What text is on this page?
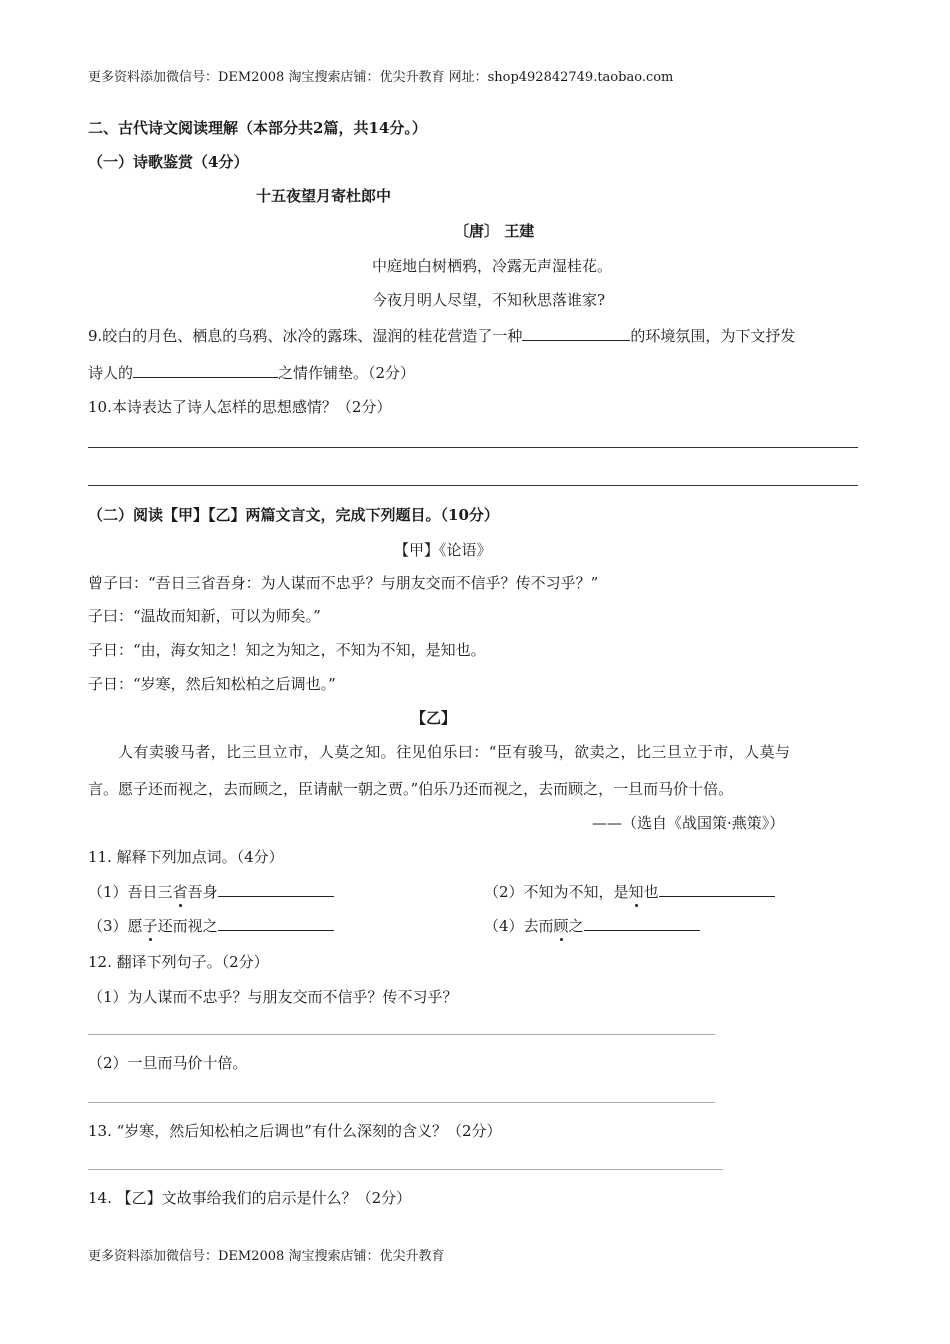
更多资料添加微信号：DEM2008 淘宝搜索店铺：优尖升教育 网址：shop492842749.taobao.com
二、古代诗文阅读理解（本部分共2篇，共14分。）
（一）诗歌鉴赏（4分）
十五夜望月寄杜郎中
〔唐〕 王建
中庭地白树栖鸦，冷露无声湿桂花。
今夜月明人尽望，不知秋思落谁家?
9.皎白的月色、栖息的乌鸦、冰冷的露珠、湿润的桂花营造了一种	的环境氛围，为下文抒发
诗人的	之情作铺垫。（2分）
10.本诗表达了诗人怎样的思想感情？（2分）
（二）阅读【甲】【乙】两篇文言文，完成下列题目。（10分）
【甲】《论语》
曾子曰：“吾日三省吾身：为人谋而不忠乎？与朋友交而不信乎？传不习乎？”
子曰：“温故而知新，可以为师矣。”
子日：“由，海女知之！知之为知之，不知为不知，是知也。
子日：“岁寒，然后知松柏之后调也。”
【乙】
人有卖骏马者，比三旦立市，人莫之知。往见伯乐曰：“臣有骏马，欲卖之，比三旦立于市，人莫与
言。愿子还而视之，去而顾之，臣请献一朝之贾。”伯乐乃还而视之，去而顾之，一旦而马价十倍。
——（选自《战国策·燕策》）
11. 解释下列加点词。（4分）
（1）吾日三省吾身	（2）不知为不知，是知也
（3）愿子还而视之	（4）去而顾之
12. 翻译下列句子。（2分）
（1）为人谋而不忠乎？与朋友交而不信乎？传不习乎？
（2）一旦而马价十倍。
13. “岁寒，然后知松柏之后调也”有什么深刻的含义？（2分）
14. 【乙】文故事给我们的启示是什么？（2分）
更多资料添加微信号：DEM2008 淘宝搜索店铺：优尖升教育
